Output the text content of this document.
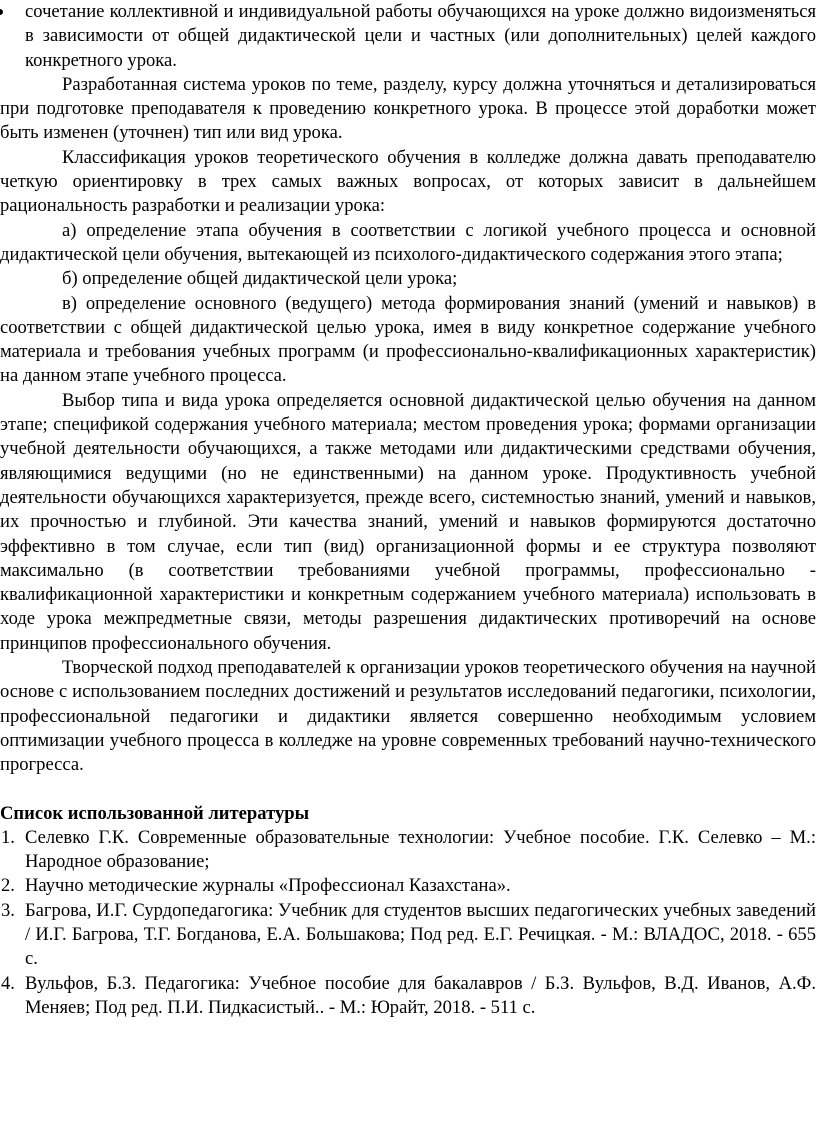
сочетание коллективной и индивидуальной работы обучающихся на уроке должно видоизменяться в зависимости от общей дидактической цели и частных (или дополнительных) целей каждого конкретного урока.

Разработанная система уроков по теме, разделу, курсу должна уточняться и детализироваться при подготовке преподавателя к проведению конкретного урока. В процессе этой доработки может быть изменен (уточнен) тип или вид урока.

Классификация уроков теоретического обучения в колледже должна давать преподавателю четкую ориентировку в трех самых важных вопросах, от которых зависит в дальнейшем рациональность разработки и реализации урока:

а) определение этапа обучения в соответствии с логикой учебного процесса и основной дидактической цели обучения, вытекающей из психолого-дидактического содержания этого этапа;

б) определение общей дидактической цели урока;

в) определение основного (ведущего) метода формирования знаний (умений и навыков) в соответствии с общей дидактической целью урока, имея в виду конкретное содержание учебного материала и требования учебных программ (и профессионально-квалификационных характеристик) на данном этапе учебного процесса.

Выбор типа и вида урока определяется основной дидактической целью обучения на данном этапе; спецификой содержания учебного материала; местом проведения урока; формами организации учебной деятельности обучающихся, а также методами или дидактическими средствами обучения, являющимися ведущими (но не единственными) на данном уроке. Продуктивность учебной деятельности обучающихся характеризуется, прежде всего, системностью знаний, умений и навыков, их прочностью и глубиной. Эти качества знаний, умений и навыков формируются достаточно эффективно в том случае, если тип (вид) организационной формы и ее структура позволяют максимально (в соответствии требованиями учебной программы, профессионально - квалификационной характеристики и конкретным содержанием учебного материала) использовать в ходе урока межпредметные связи, методы разрешения дидактических противоречий на основе принципов профессионального обучения.

Творческой подход преподавателей к организации уроков теоретического обучения на научной основе с использованием последних достижений и результатов исследований педагогики, психологии, профессиональной педагогики и дидактики является совершенно необходимым условием оптимизации учебного процесса в колледже на уровне современных требований научно-технического прогресса.

Список использованной литературы

1. Селевко Г.К. Современные образовательные технологии: Учебное пособие. Г.К. Селевко – М.: Народное образование;
2. Научно методические журналы «Профессионал Казахстана».
3. Багрова, И.Г. Сурдопедагогика: Учебник для студентов высших педагогических учебных заведений / И.Г. Багрова, Т.Г. Богданова, Е.А. Большакова; Под ред. Е.Г. Речицкая. - М.: ВЛАДОС, 2018. - 655 с.
4. Вульфов, Б.З. Педагогика: Учебное пособие для бакалавров / Б.З. Вульфов, В.Д. Иванов, А.Ф. Меняев; Под ред. П.И. Пидкасистый.. - М.: Юрайт, 2018. - 511 с.
